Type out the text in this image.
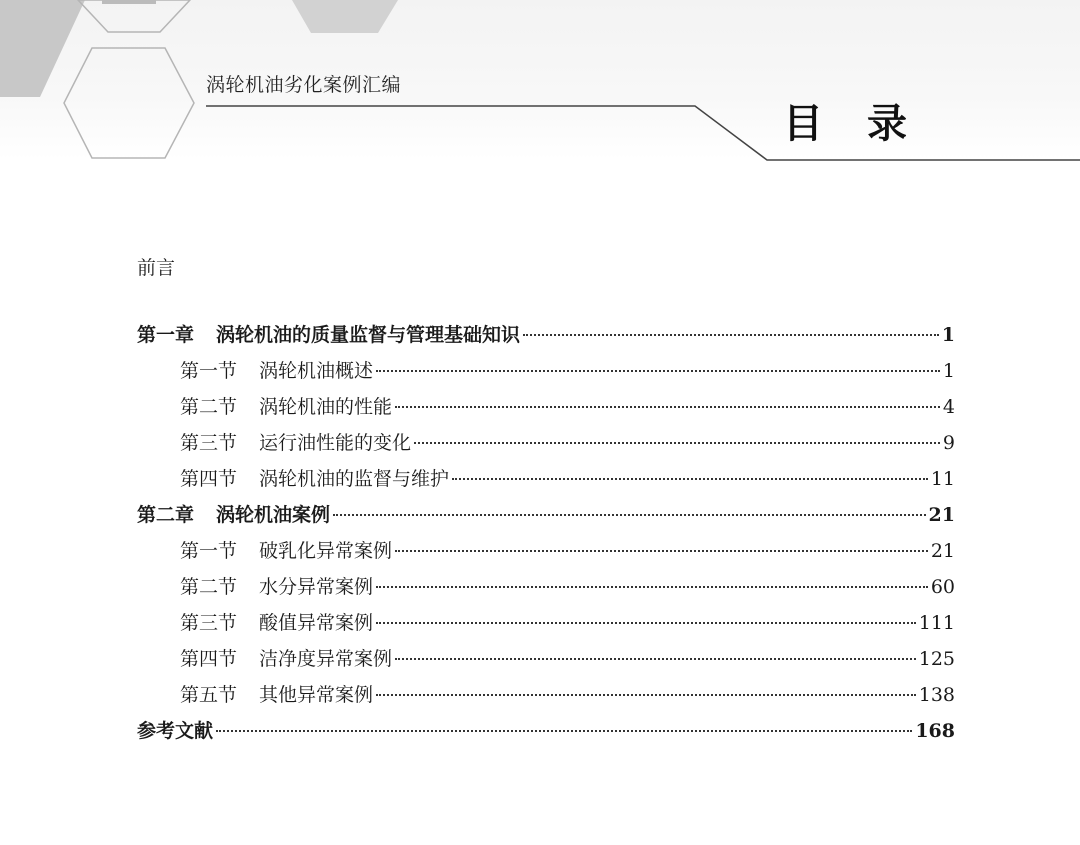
涡轮机油劣化案例汇编
目录
前言
第一章 涡轮机油的质量监督与管理基础知识	1
第一节 涡轮机油概述	1
第二节 涡轮机油的性能	4
第三节 运行油性能的变化	9
第四节 涡轮机油的监督与维护	11
第二章 涡轮机油案例	21
第一节 破乳化异常案例	21
第二节 水分异常案例	60
第三节 酸值异常案例	111
第四节 洁净度异常案例	125
第五节 其他异常案例	138
参考文献	168
